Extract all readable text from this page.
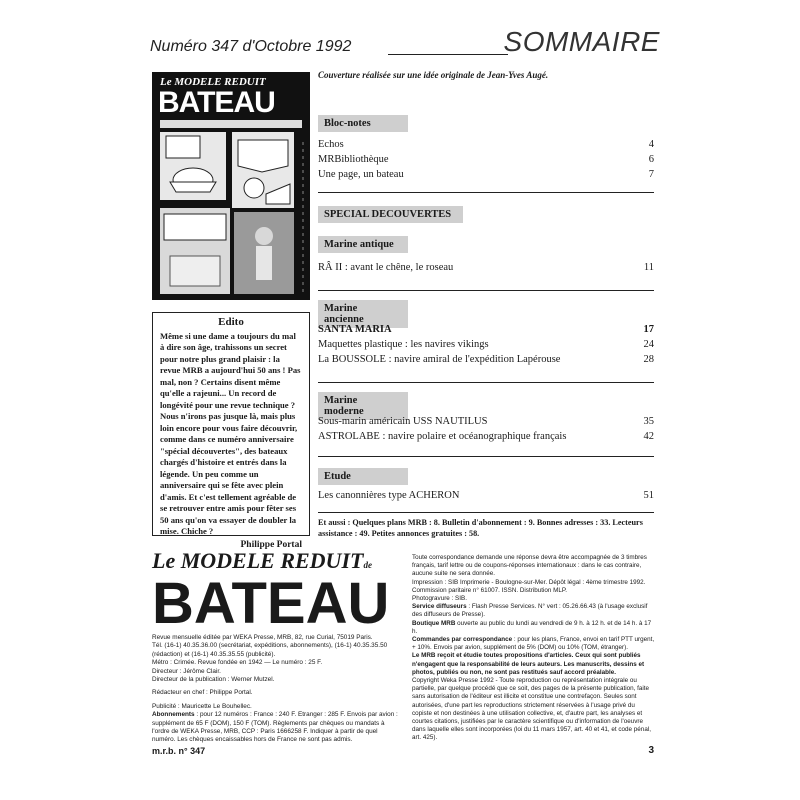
Numéro 347 d'Octobre 1992	SOMMAIRE
Le MODELE REDUIT
BATEAU
Couverture réalisée sur une idée originale de Jean-Yves Augé.
Edito
Même si une dame a toujours du mal à dire son âge, trahissons un secret pour notre plus grand plaisir : la revue MRB a aujourd'hui 50 ans ! Pas mal, non ? Certains disent même qu'elle a rajeuni... Un record de longévité pour une revue technique ? Nous n'irons pas jusque là, mais plus loin encore pour vous faire découvrir, comme dans ce numéro anniversaire "spécial découvertes", des bateaux chargés d'histoire et entrés dans la légende. Un peu comme un anniversaire qui se fête avec plein d'amis. Et c'est tellement agréable de se retrouver entre amis pour fêter ses 50 ans qu'on va essayer de doubler la mise. Chiche ?
Philippe Portal
Bloc-notes
Echos	4
MRBibliothèque	6
Une page, un bateau	7
SPECIAL DECOUVERTES
Marine antique
RÂ II : avant le chêne, le roseau	11
Marine ancienne
SANTA MARIA	17
Maquettes plastique : les navires vikings	24
La BOUSSOLE : navire amiral de l'expédition Lapérouse	28
Marine moderne
Sous-marin américain USS NAUTILUS	35
ASTROLABE : navire polaire et océanographique français	42
Etude
Les canonnières type ACHERON	51
Et aussi : Quelques plans MRB : 8. Bulletin d'abonnement : 9. Bonnes adresses : 33. Lecteurs assistance : 49. Petites annonces gratuites : 58.
Le MODELE REDUITde
BATEAU
Revue mensuelle éditée par WEKA Presse, MRB, 82, rue Curial, 75019 Paris.
Tél. (16-1) 40.35.36.00 (secrétariat, expéditions, abonnements), (16-1) 40.35.35.50 (rédaction) et (16-1) 40.35.35.55 (publicité).
Métro : Crimée. Revue fondée en 1942 — Le numéro : 25 F.
Directeur : Jérôme Clair.
Directeur de la publication : Werner Mutzel.
Rédacteur en chef : Philippe Portal.
Publicité : Mauricette Le Bouhellec.
Abonnements : pour 12 numéros : France : 240 F. Etranger : 285 F. Envois par avion : supplément de 65 F (DOM), 150 F (TOM). Règlements par chèques ou mandats à l'ordre de WEKA Presse, MRB, CCP : Paris 1666258 F. Indiquer à partir de quel numéro. Les chèques encaissables hors de France ne sont pas admis.
Toute correspondance demande une réponse devra être accompagnée de 3 timbres français, tarif lettre ou de coupons-réponses internationaux : dans le cas contraire, aucune suite ne sera donnée.
Impression : SIB Imprimerie - Boulogne-sur-Mer. Dépôt légal : 4ème trimestre 1992. Commission paritaire n° 61007. ISSN. Distribution MLP.
Photogravure : SIB.
Service diffuseurs : Flash Presse Services. N° vert : 05.26.66.43 (à l'usage exclusif des diffuseurs de Presse).
Boutique MRB ouverte au public du lundi au vendredi de 9 h. à 12 h. et de 14 h. à 17 h.
Commandes par correspondance : pour les plans, France, envoi en tarif PTT urgent, + 10%. Envois par avion, supplément de 5% (DOM) ou 10% (TOM, étranger).
Le MRB reçoit et étudie toutes propositions d'articles. Ceux qui sont publiés n'engagent que la responsabilité de leurs auteurs. Les manuscrits, dessins et photos, publiés ou non, ne sont pas restitués sauf accord préalable.
Copyright Weka Presse 1992 - Toute reproduction ou représentation intégrale ou partielle, par quelque procédé que ce soit, des pages de la présente publication, faite sans autorisation de l'éditeur est illicite et constitue une contrefaçon. Seules sont autorisées, d'une part les reproductions strictement réservées à l'usage privé du copiste et non destinées à une utilisation collective, et, d'autre part, les analyses et courtes citations, justifiées par le caractère scientifique ou d'information de l'oeuvre dans laquelle elles sont incorporées (loi du 11 mars 1957, art. 40 et 41, et code pénal, art. 425).
m.r.b. n° 347	3
